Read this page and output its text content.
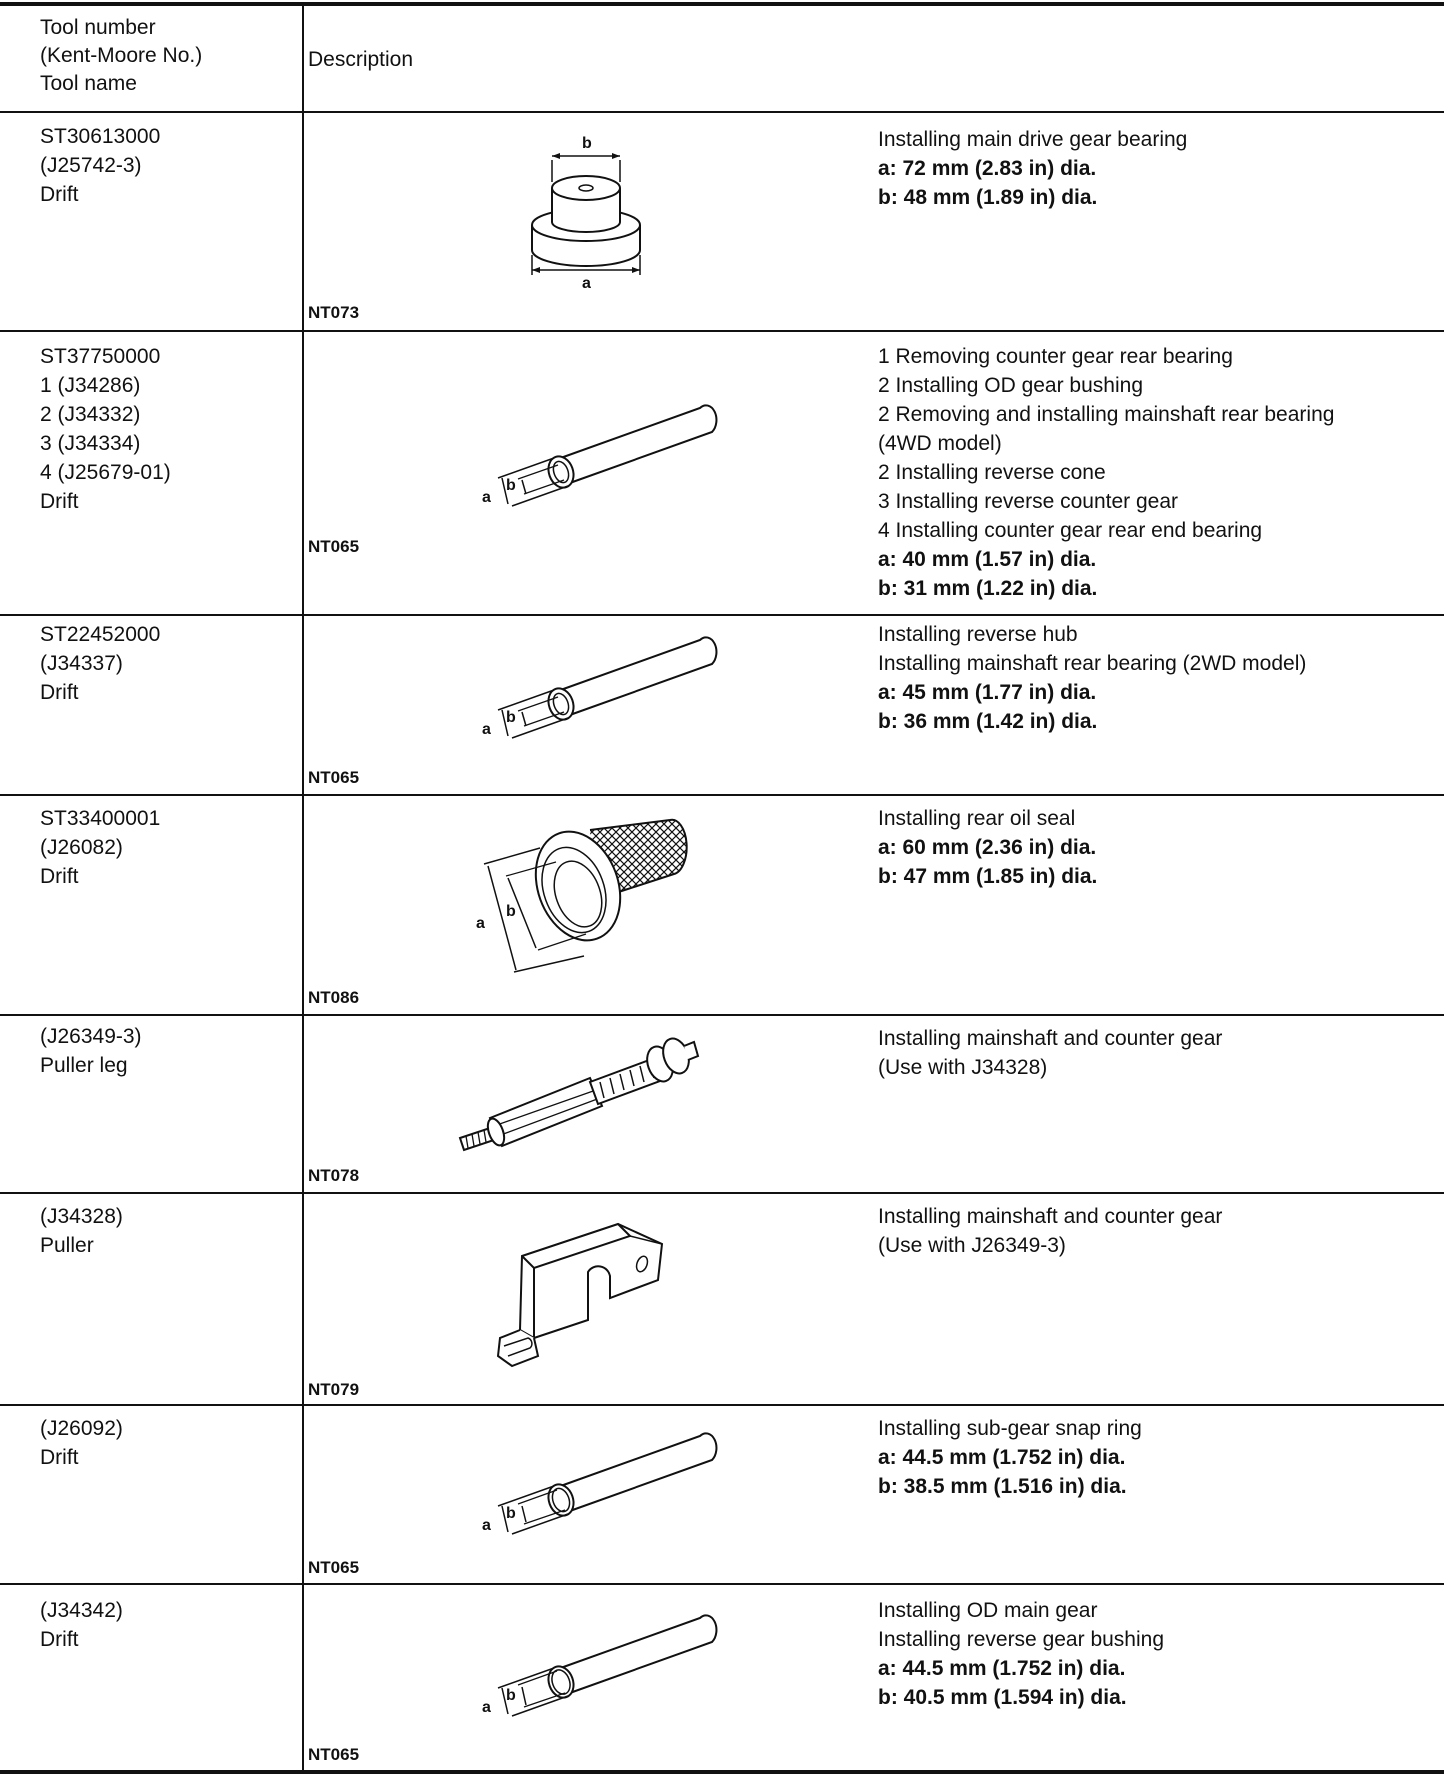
Tool number
(Kent-Moore No.)
Tool name
Description
ST30613000
(J25742-3)
Drift
Installing main drive gear bearing
a: 72 mm (2.83 in) dia.
b: 48 mm (1.89 in) dia.
NT073
b
a
ST37750000
1 (J34286)
2 (J34332)
3 (J34334)
4 (J25679-01)
Drift
1 Removing counter gear rear bearing
2 Installing OD gear bushing
2 Removing and installing mainshaft rear bearing
(4WD model)
2 Installing reverse cone
3 Installing reverse counter gear
4 Installing counter gear rear end bearing
a: 40 mm (1.57 in) dia.
b: 31 mm (1.22 in) dia.
NT065
a
b
ST22452000
(J34337)
Drift
Installing reverse hub
Installing mainshaft rear bearing (2WD model)
a: 45 mm (1.77 in) dia.
b: 36 mm (1.42 in) dia.
NT065
a
b
ST33400001
(J26082)
Drift
Installing rear oil seal
a: 60 mm (2.36 in) dia.
b: 47 mm (1.85 in) dia.
NT086
a
b
(J26349-3)
Puller leg
Installing mainshaft and counter gear
(Use with J34328)
NT078
(J34328)
Puller
Installing mainshaft and counter gear
(Use with J26349-3)
NT079
(J26092)
Drift
Installing sub-gear snap ring
a: 44.5 mm (1.752 in) dia.
b: 38.5 mm (1.516 in) dia.
NT065
a
b
(J34342)
Drift
Installing OD main gear
Installing reverse gear bushing
a: 44.5 mm (1.752 in) dia.
b: 40.5 mm (1.594 in) dia.
NT065
a
b
